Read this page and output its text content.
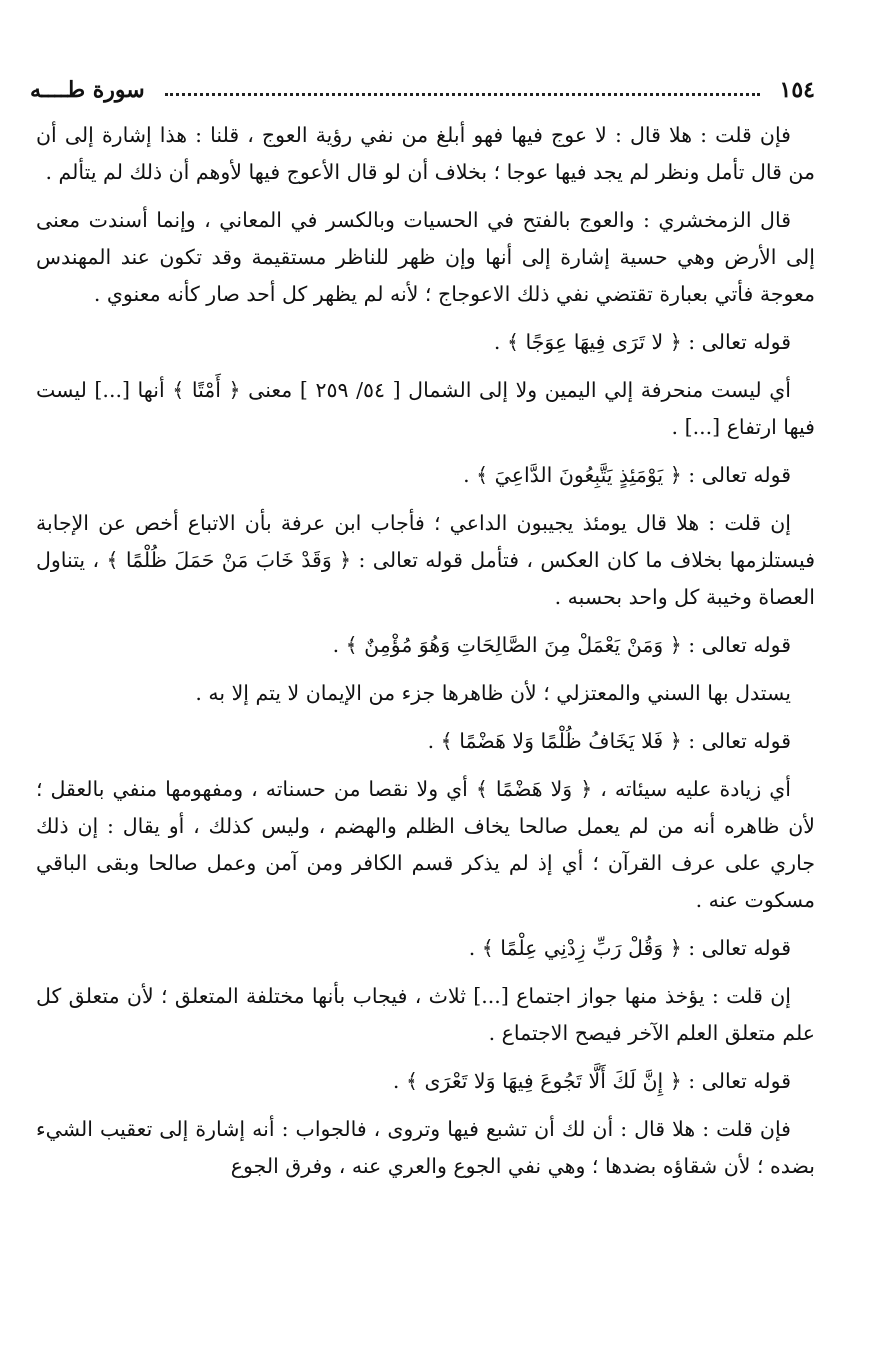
١٥٤
سورة طــــه

فإن قلت : هلا قال : لا عوج فيها فهو أبلغ من نفي رؤية العوج ، قلنا : هذا إشارة إلى أن من قال تأمل ونظر لم يجد فيها عوجا ؛ بخلاف أن لو قال الأعوج فيها لأوهم أن ذلك لم يتألم .

قال الزمخشري : والعوج بالفتح في الحسيات وبالكسر في المعاني ، وإنما أسندت معنى إلى الأرض وهي حسية إشارة إلى أنها وإن ظهر للناظر مستقيمة وقد تكون عند المهندس معوجة فأتي بعبارة تقتضي نفي ذلك الاعوجاج ؛ لأنه لم يظهر كل أحد صار كأنه معنوي .

قوله تعالى : ﴿ لا تَرَى فِيهَا عِوَجًا ﴾ .

أي ليست منحرفة إلي اليمين ولا إلى الشمال [ ٥٤/ ٢٥٩ ] معنى ﴿ أَمْتًا ﴾ أنها [...] ليست فيها ارتفاع [...] .

قوله تعالى : ﴿ يَوْمَئِذٍ يَتَّبِعُونَ الدَّاعِيَ ﴾ .

إن قلت : هلا قال يومئذ يجيبون الداعي ؛ فأجاب ابن عرفة بأن الاتباع أخص عن الإجابة فيستلزمها بخلاف ما كان العكس ، فتأمل قوله تعالى : ﴿ وَقَدْ خَابَ مَنْ حَمَلَ ظُلْمًا ﴾ ، يتناول العصاة وخيبة كل واحد بحسبه .

قوله تعالى : ﴿ وَمَنْ يَعْمَلْ مِنَ الصَّالِحَاتِ وَهُوَ مُؤْمِنٌ ﴾ .

يستدل بها السني والمعتزلي ؛ لأن ظاهرها جزء من الإيمان لا يتم إلا به .

قوله تعالى : ﴿ فَلا يَخَافُ ظُلْمًا وَلا هَضْمًا ﴾ .

أي زيادة عليه سيئاته ، ﴿ وَلا هَضْمًا ﴾ أي ولا نقصا من حسناته ، ومفهومها منفي بالعقل ؛ لأن ظاهره أنه من لم يعمل صالحا يخاف الظلم والهضم ، وليس كذلك ، أو يقال : إن ذلك جاري على عرف القرآن ؛ أي إذ لم يذكر قسم الكافر ومن آمن وعمل صالحا وبقى الباقي مسكوت عنه .

قوله تعالى : ﴿ وَقُلْ رَبِّ زِدْنِي عِلْمًا ﴾ .

إن قلت : يؤخذ منها جواز اجتماع [...] ثلاث ، فيجاب بأنها مختلفة المتعلق ؛ لأن متعلق كل علم متعلق العلم الآخر فيصح الاجتماع .

قوله تعالى : ﴿ إِنَّ لَكَ أَلَّا تَجُوعَ فِيهَا وَلا تَعْرَى ﴾ .

فإن قلت : هلا قال : أن لك أن تشبع فيها وتروى ، فالجواب : أنه إشارة إلى تعقيب الشيء بضده ؛ لأن شقاؤه بضدها ؛ وهي نفي الجوع والعري عنه ، وفرق الجوع
